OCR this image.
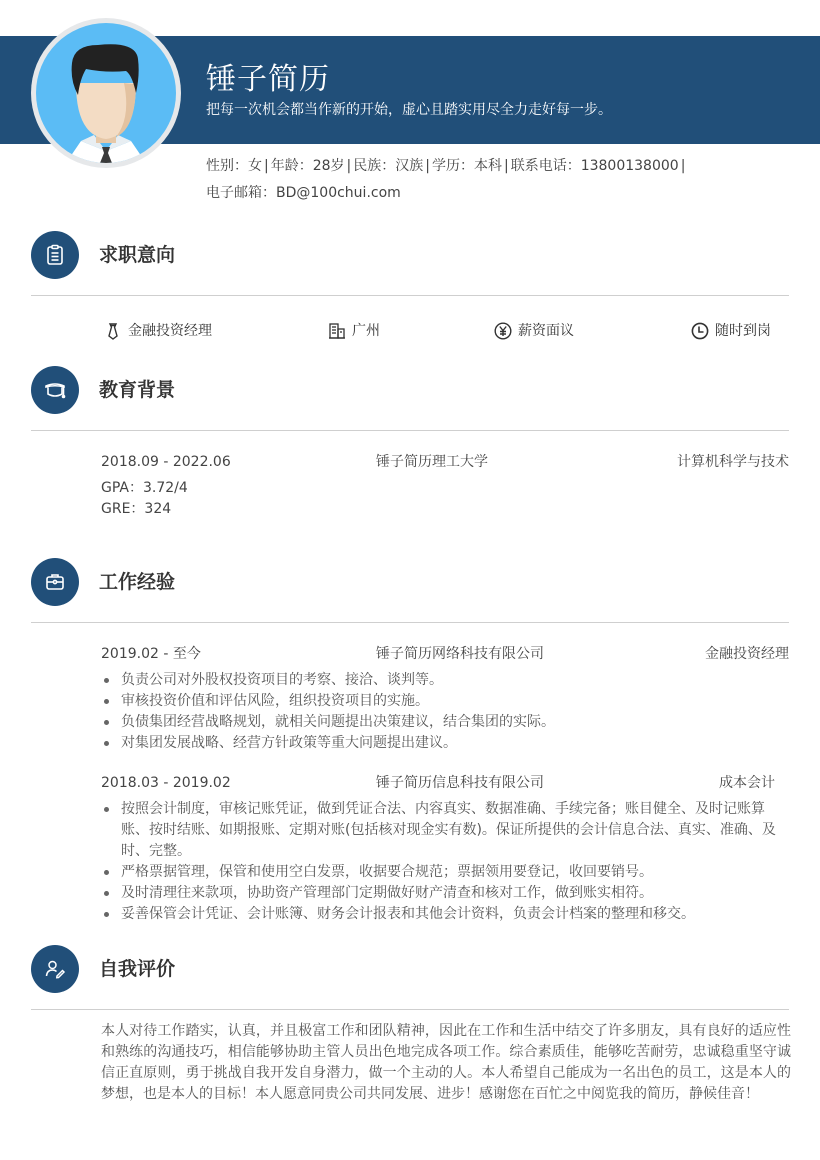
锤子简历
把每一次机会都当作新的开始，虚心且踏实用尽全力走好每一步。
性别：女 | 年龄：28岁 | 民族：汉族 | 学历：本科 | 联系电话：13800138000 |
电子邮箱：BD@100chui.com
求职意向
金融投资经理	广州	薪资面议	随时到岗
教育背景
2018.09 - 2022.06	锤子简历理工大学	计算机科学与技术
GPA：3.72/4
GRE：324
工作经验
2019.02 - 至今	锤子简历网络科技有限公司	金融投资经理
负责公司对外股权投资项目的考察、接洽、谈判等。
审核投资价值和评估风险，组织投资项目的实施。
负债集团经营战略规划，就相关问题提出决策建议，结合集团的实际。
对集团发展战略、经营方针政策等重大问题提出建议。
2018.03 - 2019.02	锤子简历信息科技有限公司	成本会计
按照会计制度，审核记账凭证，做到凭证合法、内容真实、数据准确、手续完备；账目健全、及时记账算账、按时结账、如期报账、定期对账(包括核对现金实有数)。保证所提供的会计信息合法、真实、准确、及时、完整。
严格票据管理，保管和使用空白发票，收据要合规范；票据领用要登记，收回要销号。
及时清理往来款项，协助资产管理部门定期做好财产清查和核对工作，做到账实相符。
妥善保管会计凭证、会计账簿、财务会计报表和其他会计资料，负责会计档案的整理和移交。
自我评价
本人对待工作踏实，认真，并且极富工作和团队精神，因此在工作和生活中结交了许多朋友，具有良好的适应性和熟练的沟通技巧，相信能够协助主管人员出色地完成各项工作。综合素质佳，能够吃苦耐劳，忠诚稳重坚守诚信正直原则，勇于挑战自我开发自身潜力，做一个主动的人。本人希望自己能成为一名出色的员工，这是本人的梦想，也是本人的目标！本人愿意同贵公司共同发展、进步！感谢您在百忙之中阅览我的简历，静候佳音！
